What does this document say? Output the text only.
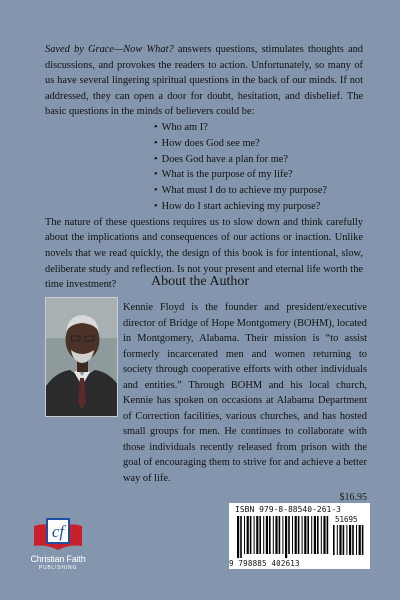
Saved by Grace—Now What? answers questions, stimulates thoughts and discussions, and provokes the readers to action. Unfortunately, so many of us have several lingering spiritual questions in the back of our minds. If not addressed, they can open a door for doubt, hesitation, and disbelief. The basic questions in the minds of believers could be:
• Who am I?
• How does God see me?
• Does God have a plan for me?
• What is the purpose of my life?
• What must I do to achieve my purpose?
• How do I start achieving my purpose?
The nature of these questions requires us to slow down and think carefully about the implications and consequences of our actions or inaction. Unlike novels that we read quickly, the design of this book is for intentional, slow, deliberate study and reflection. Is not your present and eternal life worth the time investment?	About the Author
Kennie Floyd is the founder and president/executive director of Bridge of Hope Montgomery (BOHM), located in Montgomery, Alabama. Their mission is “to assist formerly incarcerated men and women returning to society through cooperative efforts with other individuals and entities.” Through BOHM and his local church, Kennie has spoken on occasions at Alabama Department of Correction facilities, various churches, and has hosted small groups for men. He continues to collaborate with those individuals recently released from prison with the goal of encouraging them to strive for and achieve a better way of life.
$16.95
ISBN 979-8-88540-261-3
9 798885 402613
51695
cf
Christian Faith
PUBLISHING
